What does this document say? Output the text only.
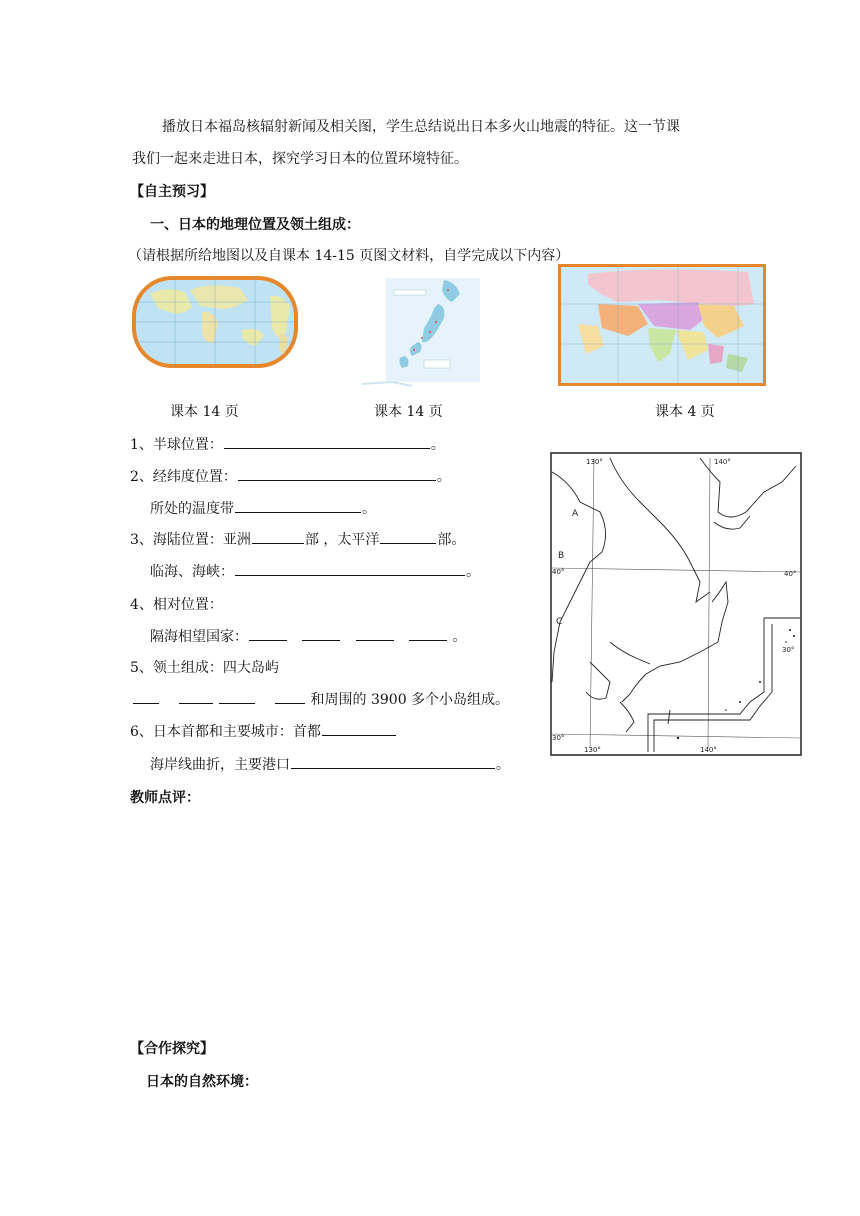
播放日本福岛核辐射新闻及相关图，学生总结说出日本多火山地震的特征。这一节课
我们一起来走进日本，探究学习日本的位置环境特征。
【自主预习】
一、日本的地理位置及领土组成：
（请根据所给地图以及自课本 14-15 页图文材料，自学完成以下内容）
课本 14 页	课本 14 页	课本 4 页
1、半球位置：	。
2、经纬度位置：	。
所处的温度带	。
3、海陆位置：亚洲	部 ，太平洋	部。
临海、海峡：	。
4、相对位置：
隔海相望国家：	。
5、领土组成：四大岛屿
和周围的 3900 多个小岛组成。
6、日本首都和主要城市：首都
海岸线曲折，主要港口	。
130°	140°
40°	40°
30°
30°
130°	140°
A
B
C
教师点评：
【合作探究】
日本的自然环境：
